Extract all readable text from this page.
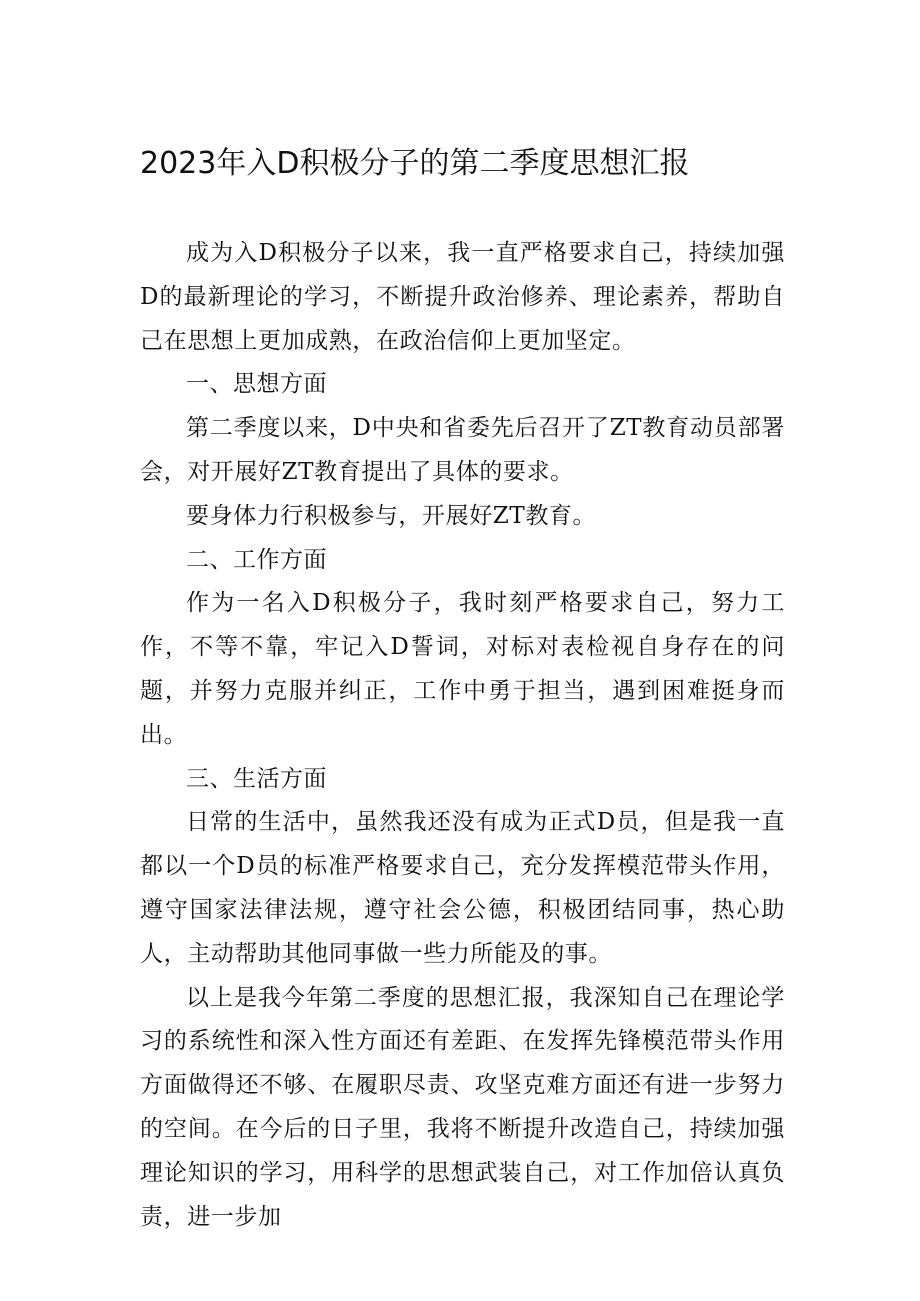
2023年入D积极分子的第二季度思想汇报

成为入D积极分子以来，我一直严格要求自己，持续加强D的最新理论的学习，不断提升政治修养、理论素养，帮助自己在思想上更加成熟，在政治信仰上更加坚定。

一、思想方面

第二季度以来，D中央和省委先后召开了ZT教育动员部署会，对开展好ZT教育提出了具体的要求。

要身体力行积极参与，开展好ZT教育。

二、工作方面

作为一名入D积极分子，我时刻严格要求自己，努力工作，不等不靠，牢记入D誓词，对标对表检视自身存在的问题，并努力克服并纠正，工作中勇于担当，遇到困难挺身而出。

三、生活方面

日常的生活中，虽然我还没有成为正式D员，但是我一直都以一个D员的标准严格要求自己，充分发挥模范带头作用，遵守国家法律法规，遵守社会公德，积极团结同事，热心助人，主动帮助其他同事做一些力所能及的事。

以上是我今年第二季度的思想汇报，我深知自己在理论学习的系统性和深入性方面还有差距、在发挥先锋模范带头作用方面做得还不够、在履职尽责、攻坚克难方面还有进一步努力的空间。在今后的日子里，我将不断提升改造自己，持续加强理论知识的学习，用科学的思想武装自己，对工作加倍认真负责，进一步加
